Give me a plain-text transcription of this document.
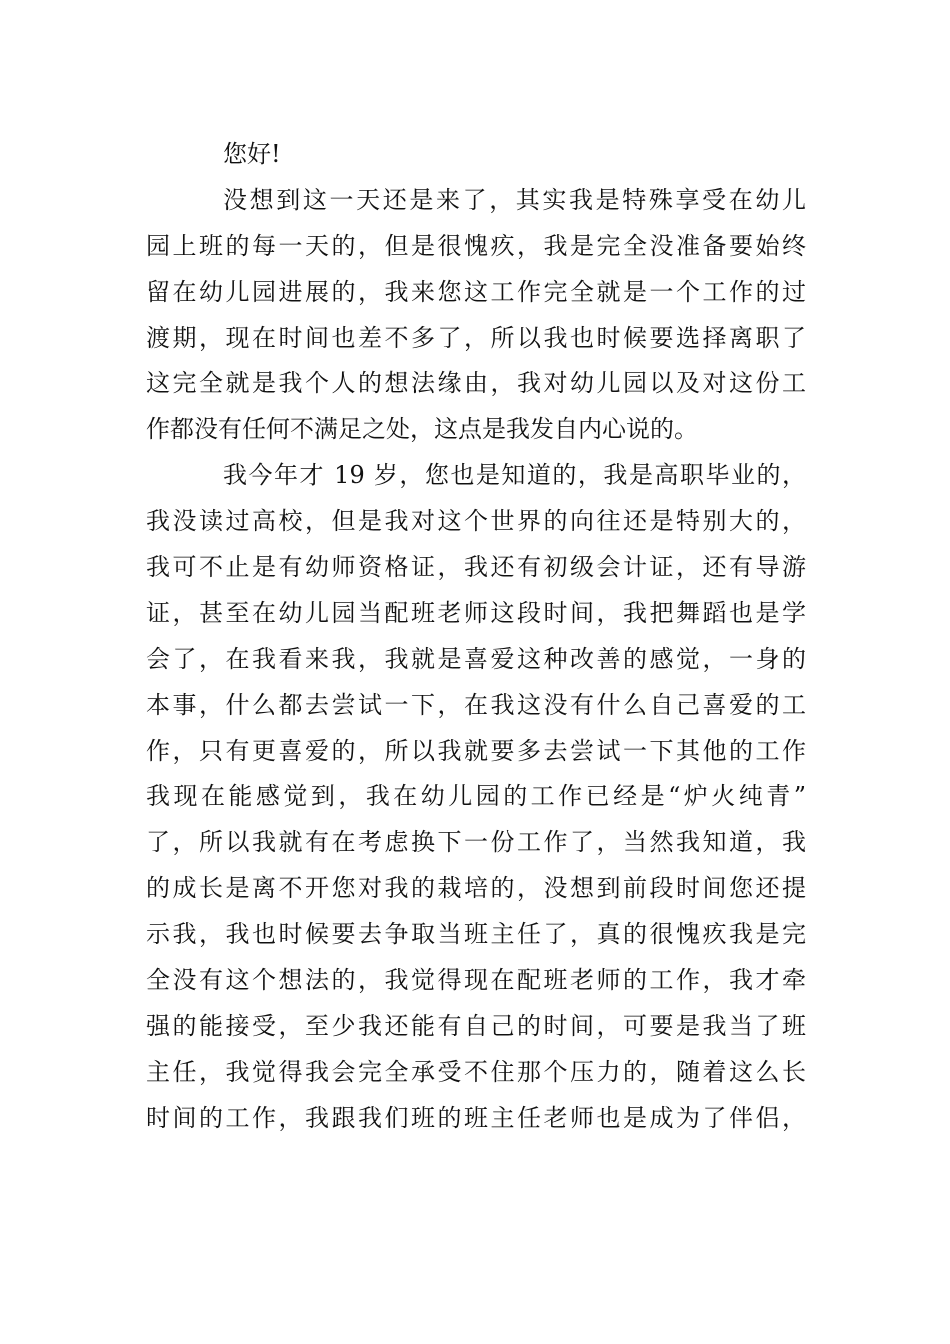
您好!
没想到这一天还是来了，其实我是特殊享受在幼儿
园上班的每一天的，但是很愧疚，我是完全没准备要始终
留在幼儿园进展的，我来您这工作完全就是一个工作的过
渡期，现在时间也差不多了，所以我也时候要选择离职了
这完全就是我个人的想法缘由，我对幼儿园以及对这份工
作都没有任何不满足之处，这点是我发自内心说的。
我今年才 19 岁，您也是知道的，我是高职毕业的，
我没读过高校，但是我对这个世界的向往还是特别大的，
我可不止是有幼师资格证，我还有初级会计证，还有导游
证，甚至在幼儿园当配班老师这段时间，我把舞蹈也是学
会了，在我看来我，我就是喜爱这种改善的感觉，一身的
本事，什么都去尝试一下，在我这没有什么自己喜爱的工
作，只有更喜爱的，所以我就要多去尝试一下其他的工作
我现在能感觉到，我在幼儿园的工作已经是“炉火纯青”
了，所以我就有在考虑换下一份工作了，当然我知道，我
的成长是离不开您对我的栽培的，没想到前段时间您还提
示我，我也时候要去争取当班主任了，真的很愧疚我是完
全没有这个想法的，我觉得现在配班老师的工作，我才牵
强的能接受，至少我还能有自己的时间，可要是我当了班
主任，我觉得我会完全承受不住那个压力的，随着这么长
时间的工作，我跟我们班的班主任老师也是成为了伴侣，
